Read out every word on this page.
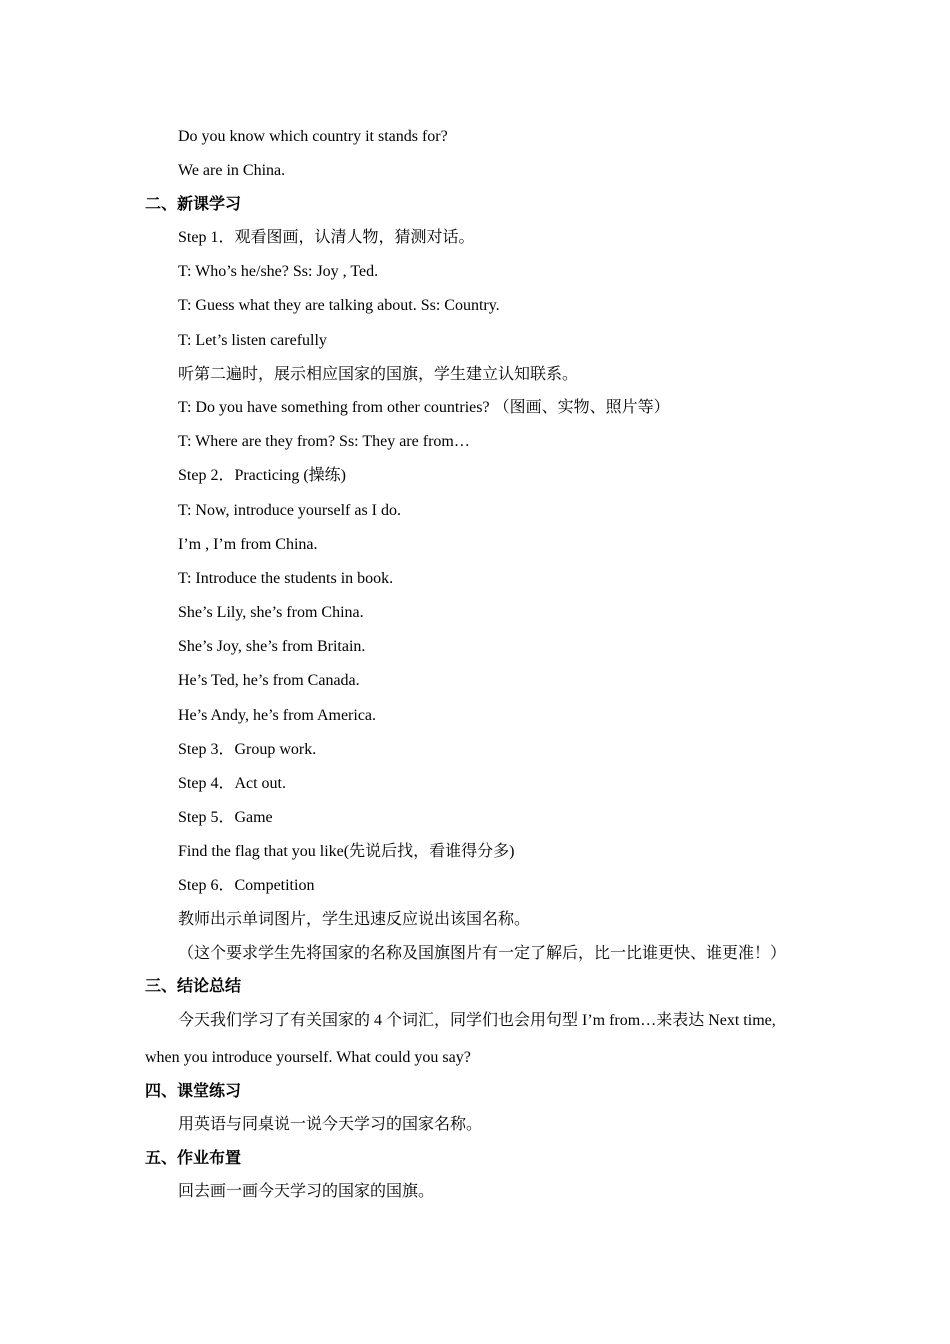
Do you know which country it stands for?
We are in China.
二、新课学习
Step 1．观看图画，认清人物，猜测对话。
T: Who’s he/she? Ss: Joy , Ted.
T: Guess what they are talking about. Ss: Country.
T: Let’s listen carefully
听第二遍时，展示相应国家的国旗，学生建立认知联系。
T: Do you have something from other countries? （图画、实物、照片等）
T: Where are they from? Ss: They are from…
Step 2．Practicing (操练)
T: Now, introduce yourself as I do.
I’m , I’m from China.
T: Introduce the students in book.
She’s Lily, she’s from China.
She’s Joy, she’s from Britain.
He’s Ted, he’s from Canada.
He’s Andy, he’s from America.
Step 3．Group work.
Step 4．Act out.
Step 5．Game
Find the flag that you like(先说后找，看谁得分多)
Step 6．Competition
教师出示单词图片，学生迅速反应说出该国名称。
（这个要求学生先将国家的名称及国旗图片有一定了解后，比一比谁更快、谁更准！）
三、结论总结
今天我们学习了有关国家的 4 个词汇，同学们也会用句型 I’m from…来表达 Next time,
when you introduce yourself. What could you say?
四、课堂练习
用英语与同桌说一说今天学习的国家名称。
五、作业布置
回去画一画今天学习的国家的国旗。
